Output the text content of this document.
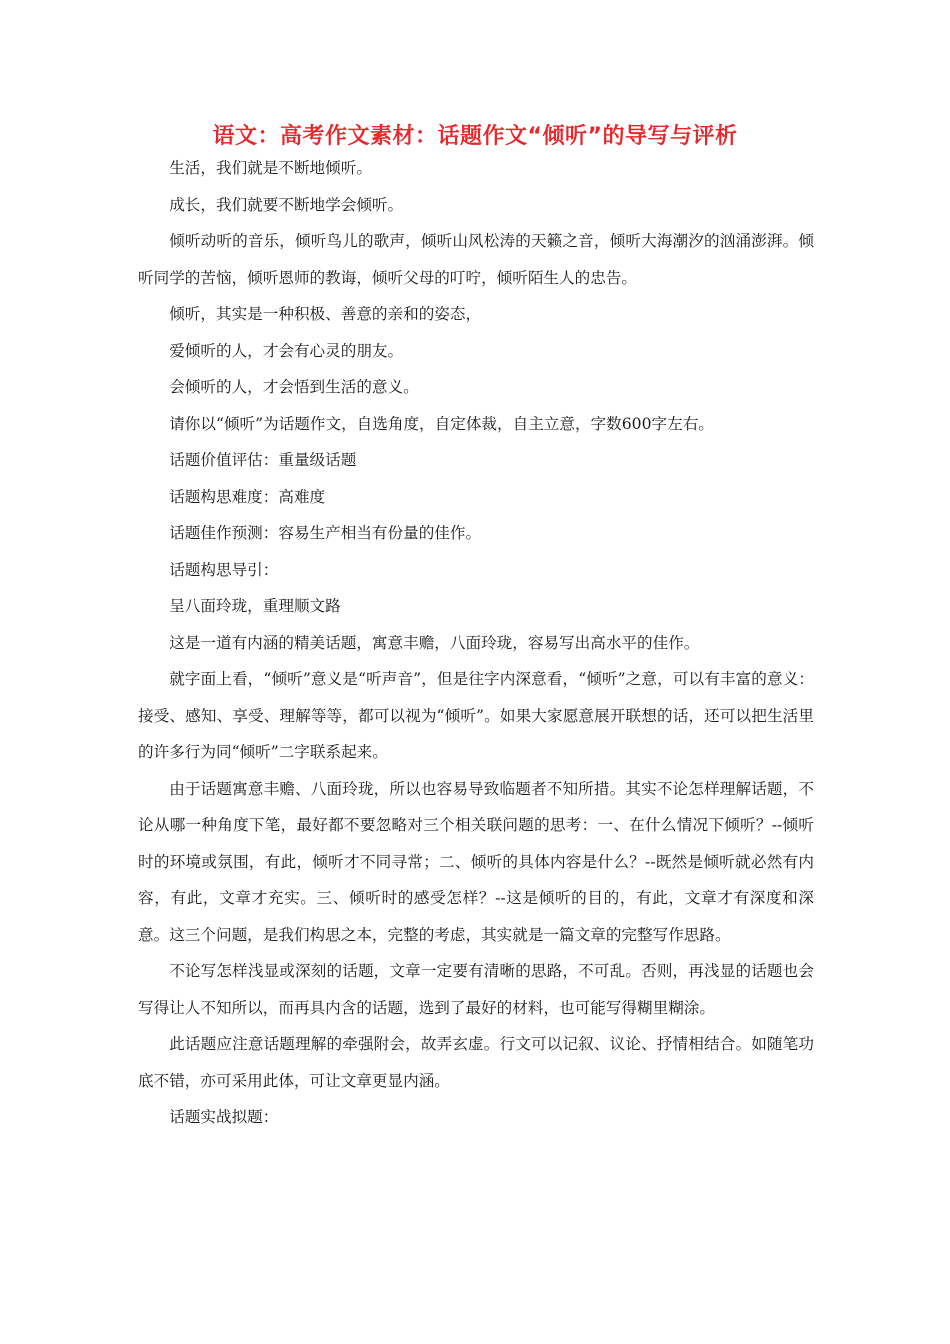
语文：高考作文素材：话题作文“倾听”的导写与评析

生活，我们就是不断地倾听。

成长，我们就要不断地学会倾听。

倾听动听的音乐，倾听鸟儿的歌声，倾听山风松涛的天籁之音，倾听大海潮汐的汹涌澎湃。倾听同学的苦恼，倾听恩师的教诲，倾听父母的叮咛，倾听陌生人的忠告。

倾听，其实是一种积极、善意的亲和的姿态，

爱倾听的人，才会有心灵的朋友。

会倾听的人，才会悟到生活的意义。

请你以“倾听”为话题作文，自选角度，自定体裁，自主立意，字数600字左右。

话题价值评估：重量级话题

话题构思难度：高难度

话题佳作预测：容易生产相当有份量的佳作。

话题构思导引：

呈八面玲珑，重理顺文路

这是一道有内涵的精美话题，寓意丰赡，八面玲珑，容易写出高水平的佳作。

就字面上看，“倾听”意义是“听声音”，但是往字内深意看，“倾听”之意，可以有丰富的意义：接受、感知、享受、理解等等，都可以视为“倾听”。如果大家愿意展开联想的话，还可以把生活里的许多行为同“倾听”二字联系起来。

由于话题寓意丰赡、八面玲珑，所以也容易导致临题者不知所措。其实不论怎样理解话题，不论从哪一种角度下笔，最好都不要忽略对三个相关联问题的思考：一、在什么情况下倾听？--倾听时的环境或氛围，有此，倾听才不同寻常；二、倾听的具体内容是什么？--既然是倾听就必然有内容，有此，文章才充实。三、倾听时的感受怎样？--这是倾听的目的，有此，文章才有深度和深意。这三个问题，是我们构思之本，完整的考虑，其实就是一篇文章的完整写作思路。

不论写怎样浅显或深刻的话题，文章一定要有清晰的思路，不可乱。否则，再浅显的话题也会写得让人不知所以，而再具内含的话题，选到了最好的材料，也可能写得糊里糊涂。

此话题应注意话题理解的牵强附会，故弄玄虚。行文可以记叙、议论、抒情相结合。如随笔功底不错，亦可采用此体，可让文章更显内涵。

话题实战拟题：
